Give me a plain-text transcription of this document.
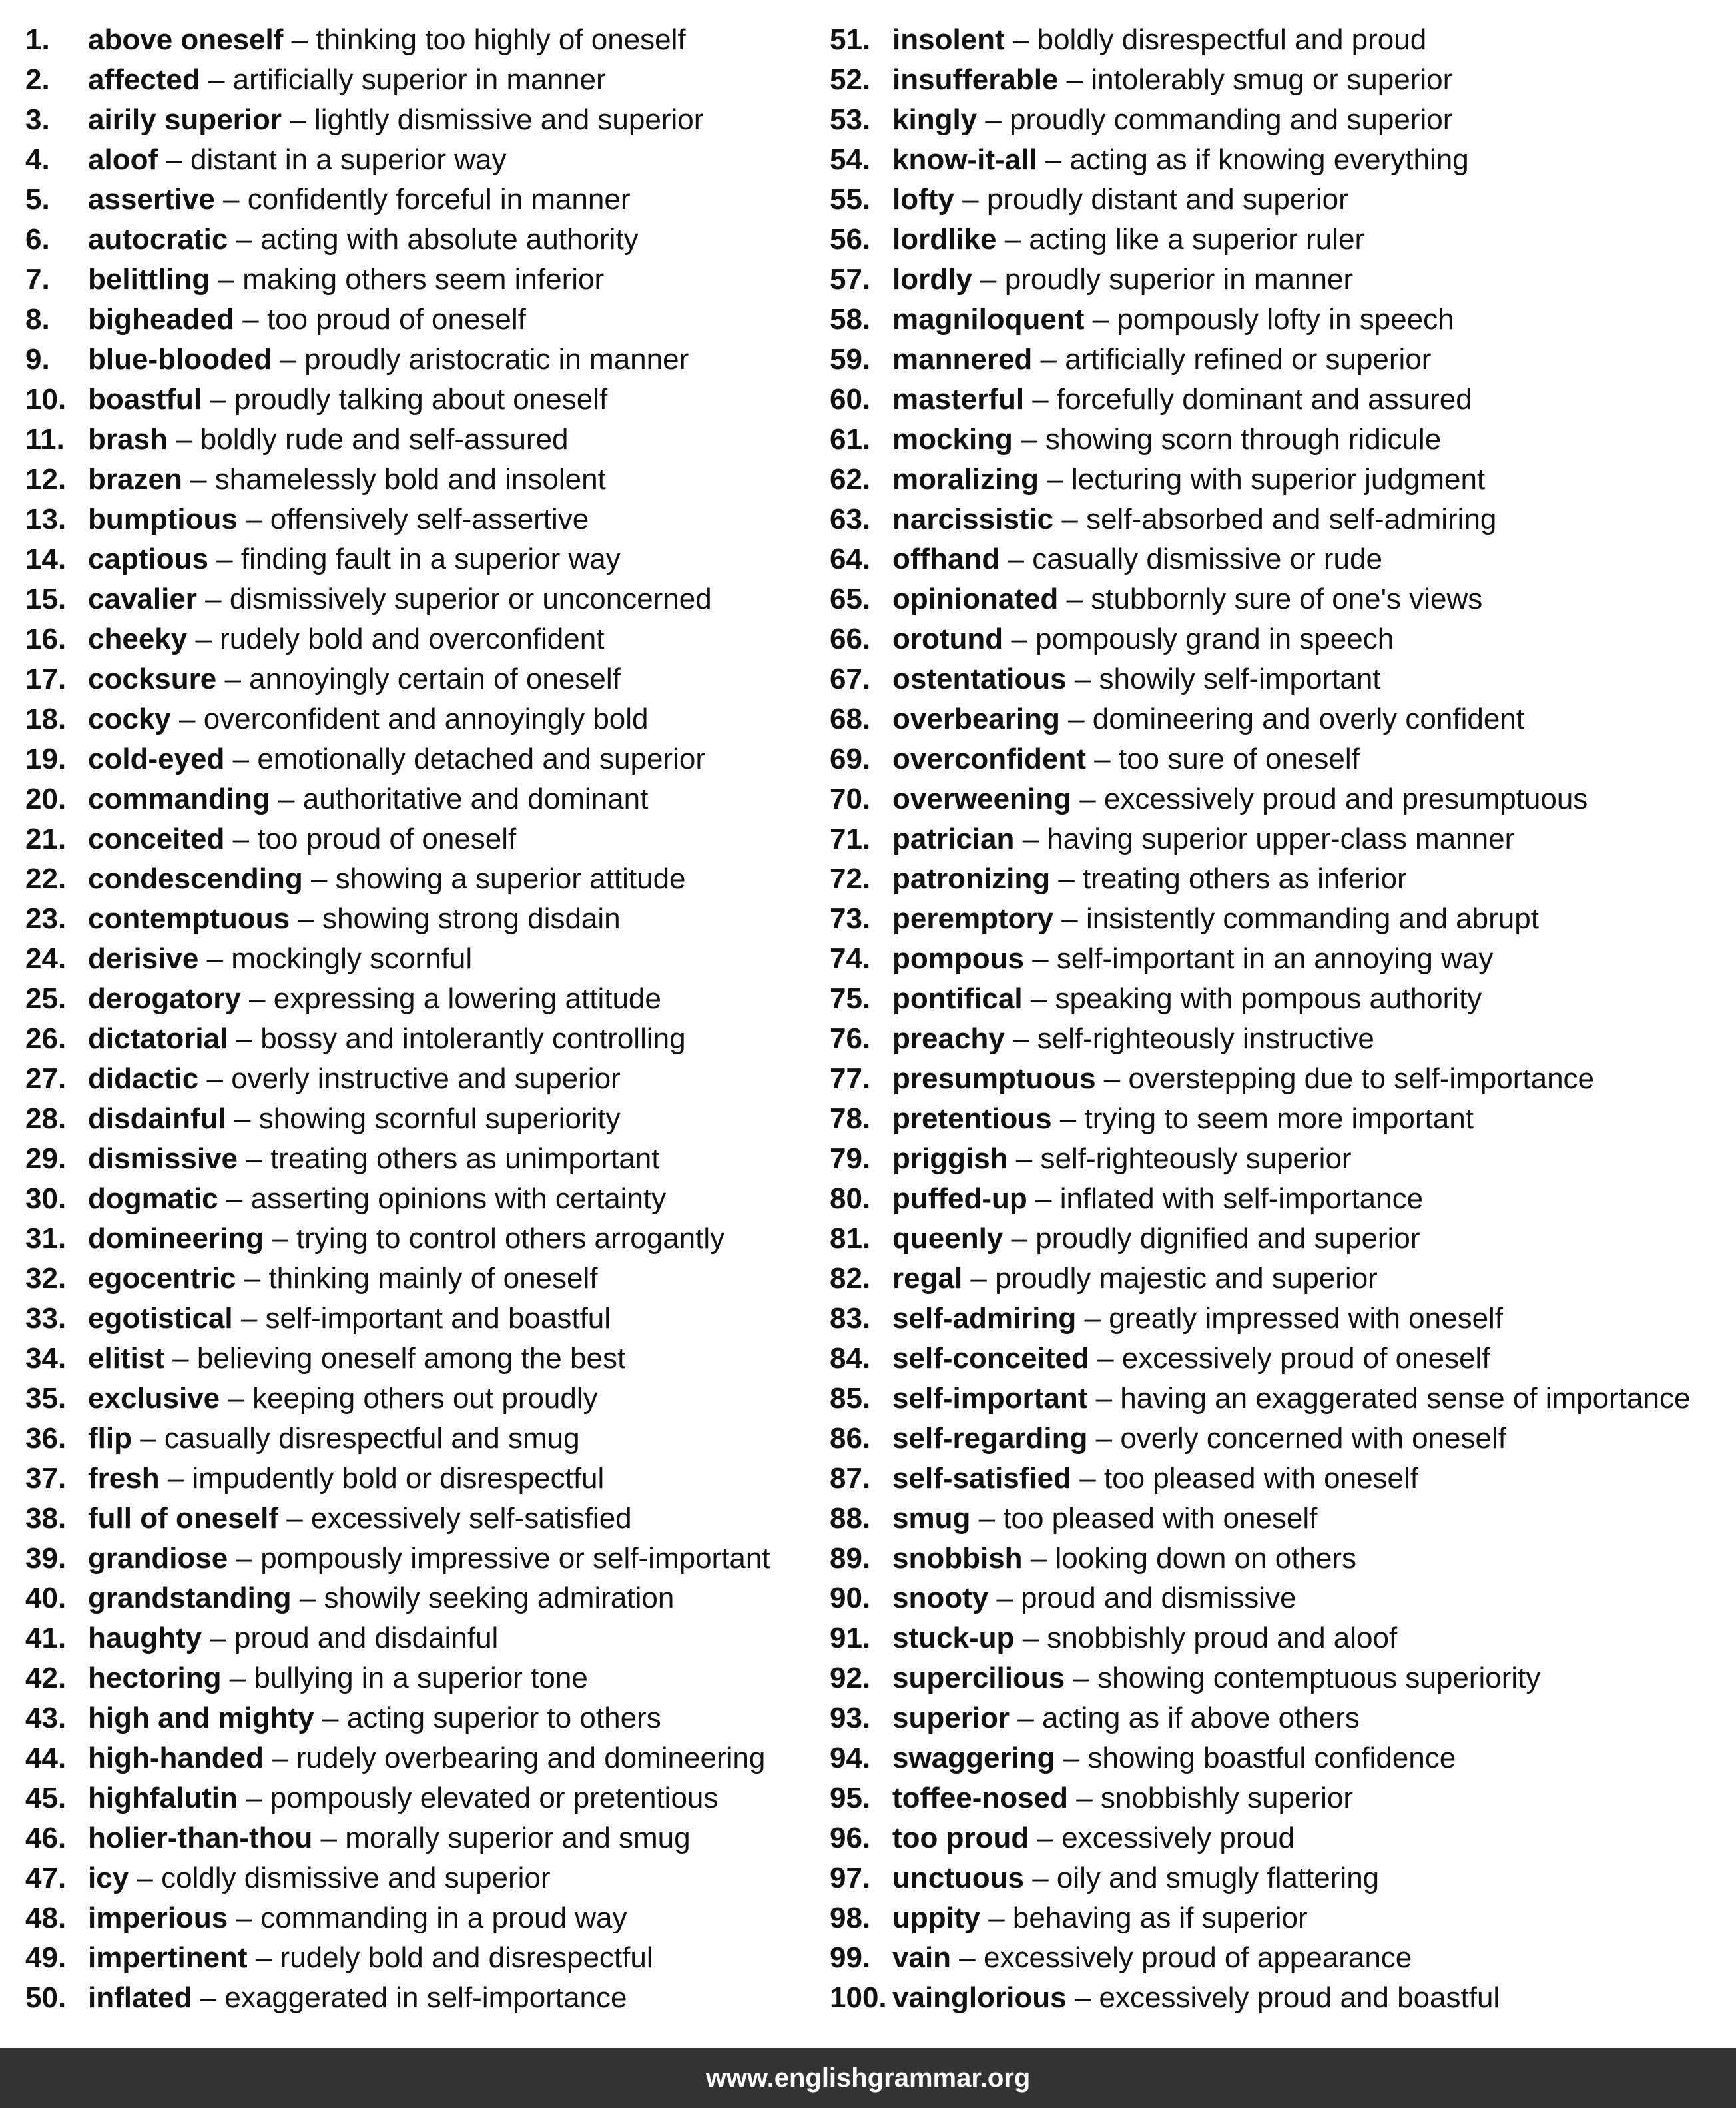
1. above oneself – thinking too highly of oneself
2. affected – artificially superior in manner
3. airily superior – lightly dismissive and superior
4. aloof – distant in a superior way
5. assertive – confidently forceful in manner
6. autocratic – acting with absolute authority
7. belittling – making others seem inferior
8. bigheaded – too proud of oneself
9. blue-blooded – proudly aristocratic in manner
10. boastful – proudly talking about oneself
11. brash – boldly rude and self-assured
12. brazen – shamelessly bold and insolent
13. bumptious – offensively self-assertive
14. captious – finding fault in a superior way
15. cavalier – dismissively superior or unconcerned
16. cheeky – rudely bold and overconfident
17. cocksure – annoyingly certain of oneself
18. cocky – overconfident and annoyingly bold
19. cold-eyed – emotionally detached and superior
20. commanding – authoritative and dominant
21. conceited – too proud of oneself
22. condescending – showing a superior attitude
23. contemptuous – showing strong disdain
24. derisive – mockingly scornful
25. derogatory – expressing a lowering attitude
26. dictatorial – bossy and intolerantly controlling
27. didactic – overly instructive and superior
28. disdainful – showing scornful superiority
29. dismissive – treating others as unimportant
30. dogmatic – asserting opinions with certainty
31. domineering – trying to control others arrogantly
32. egocentric – thinking mainly of oneself
33. egotistical – self-important and boastful
34. elitist – believing oneself among the best
35. exclusive – keeping others out proudly
36. flip – casually disrespectful and smug
37. fresh – impudently bold or disrespectful
38. full of oneself – excessively self-satisfied
39. grandiose – pompously impressive or self-important
40. grandstanding – showily seeking admiration
41. haughty – proud and disdainful
42. hectoring – bullying in a superior tone
43. high and mighty – acting superior to others
44. high-handed – rudely overbearing and domineering
45. highfalutin – pompously elevated or pretentious
46. holier-than-thou – morally superior and smug
47. icy – coldly dismissive and superior
48. imperious – commanding in a proud way
49. impertinent – rudely bold and disrespectful
50. inflated – exaggerated in self-importance
51. insolent – boldly disrespectful and proud
52. insufferable – intolerably smug or superior
53. kingly – proudly commanding and superior
54. know-it-all – acting as if knowing everything
55. lofty – proudly distant and superior
56. lordlike – acting like a superior ruler
57. lordly – proudly superior in manner
58. magniloquent – pompously lofty in speech
59. mannered – artificially refined or superior
60. masterful – forcefully dominant and assured
61. mocking – showing scorn through ridicule
62. moralizing – lecturing with superior judgment
63. narcissistic – self-absorbed and self-admiring
64. offhand – casually dismissive or rude
65. opinionated – stubbornly sure of one's views
66. orotund – pompously grand in speech
67. ostentatious – showily self-important
68. overbearing – domineering and overly confident
69. overconfident – too sure of oneself
70. overweening – excessively proud and presumptuous
71. patrician – having superior upper-class manner
72. patronizing – treating others as inferior
73. peremptory – insistently commanding and abrupt
74. pompous – self-important in an annoying way
75. pontifical – speaking with pompous authority
76. preachy – self-righteously instructive
77. presumptuous – overstepping due to self-importance
78. pretentious – trying to seem more important
79. priggish – self-righteously superior
80. puffed-up – inflated with self-importance
81. queenly – proudly dignified and superior
82. regal – proudly majestic and superior
83. self-admiring – greatly impressed with oneself
84. self-conceited – excessively proud of oneself
85. self-important – having an exaggerated sense of importance
86. self-regarding – overly concerned with oneself
87. self-satisfied – too pleased with oneself
88. smug – too pleased with oneself
89. snobbish – looking down on others
90. snooty – proud and dismissive
91. stuck-up – snobbishly proud and aloof
92. supercilious – showing contemptuous superiority
93. superior – acting as if above others
94. swaggering – showing boastful confidence
95. toffee-nosed – snobbishly superior
96. too proud – excessively proud
97. unctuous – oily and smugly flattering
98. uppity – behaving as if superior
99. vain – excessively proud of appearance
100. vainglorious – excessively proud and boastful
www.englishgrammar.org
